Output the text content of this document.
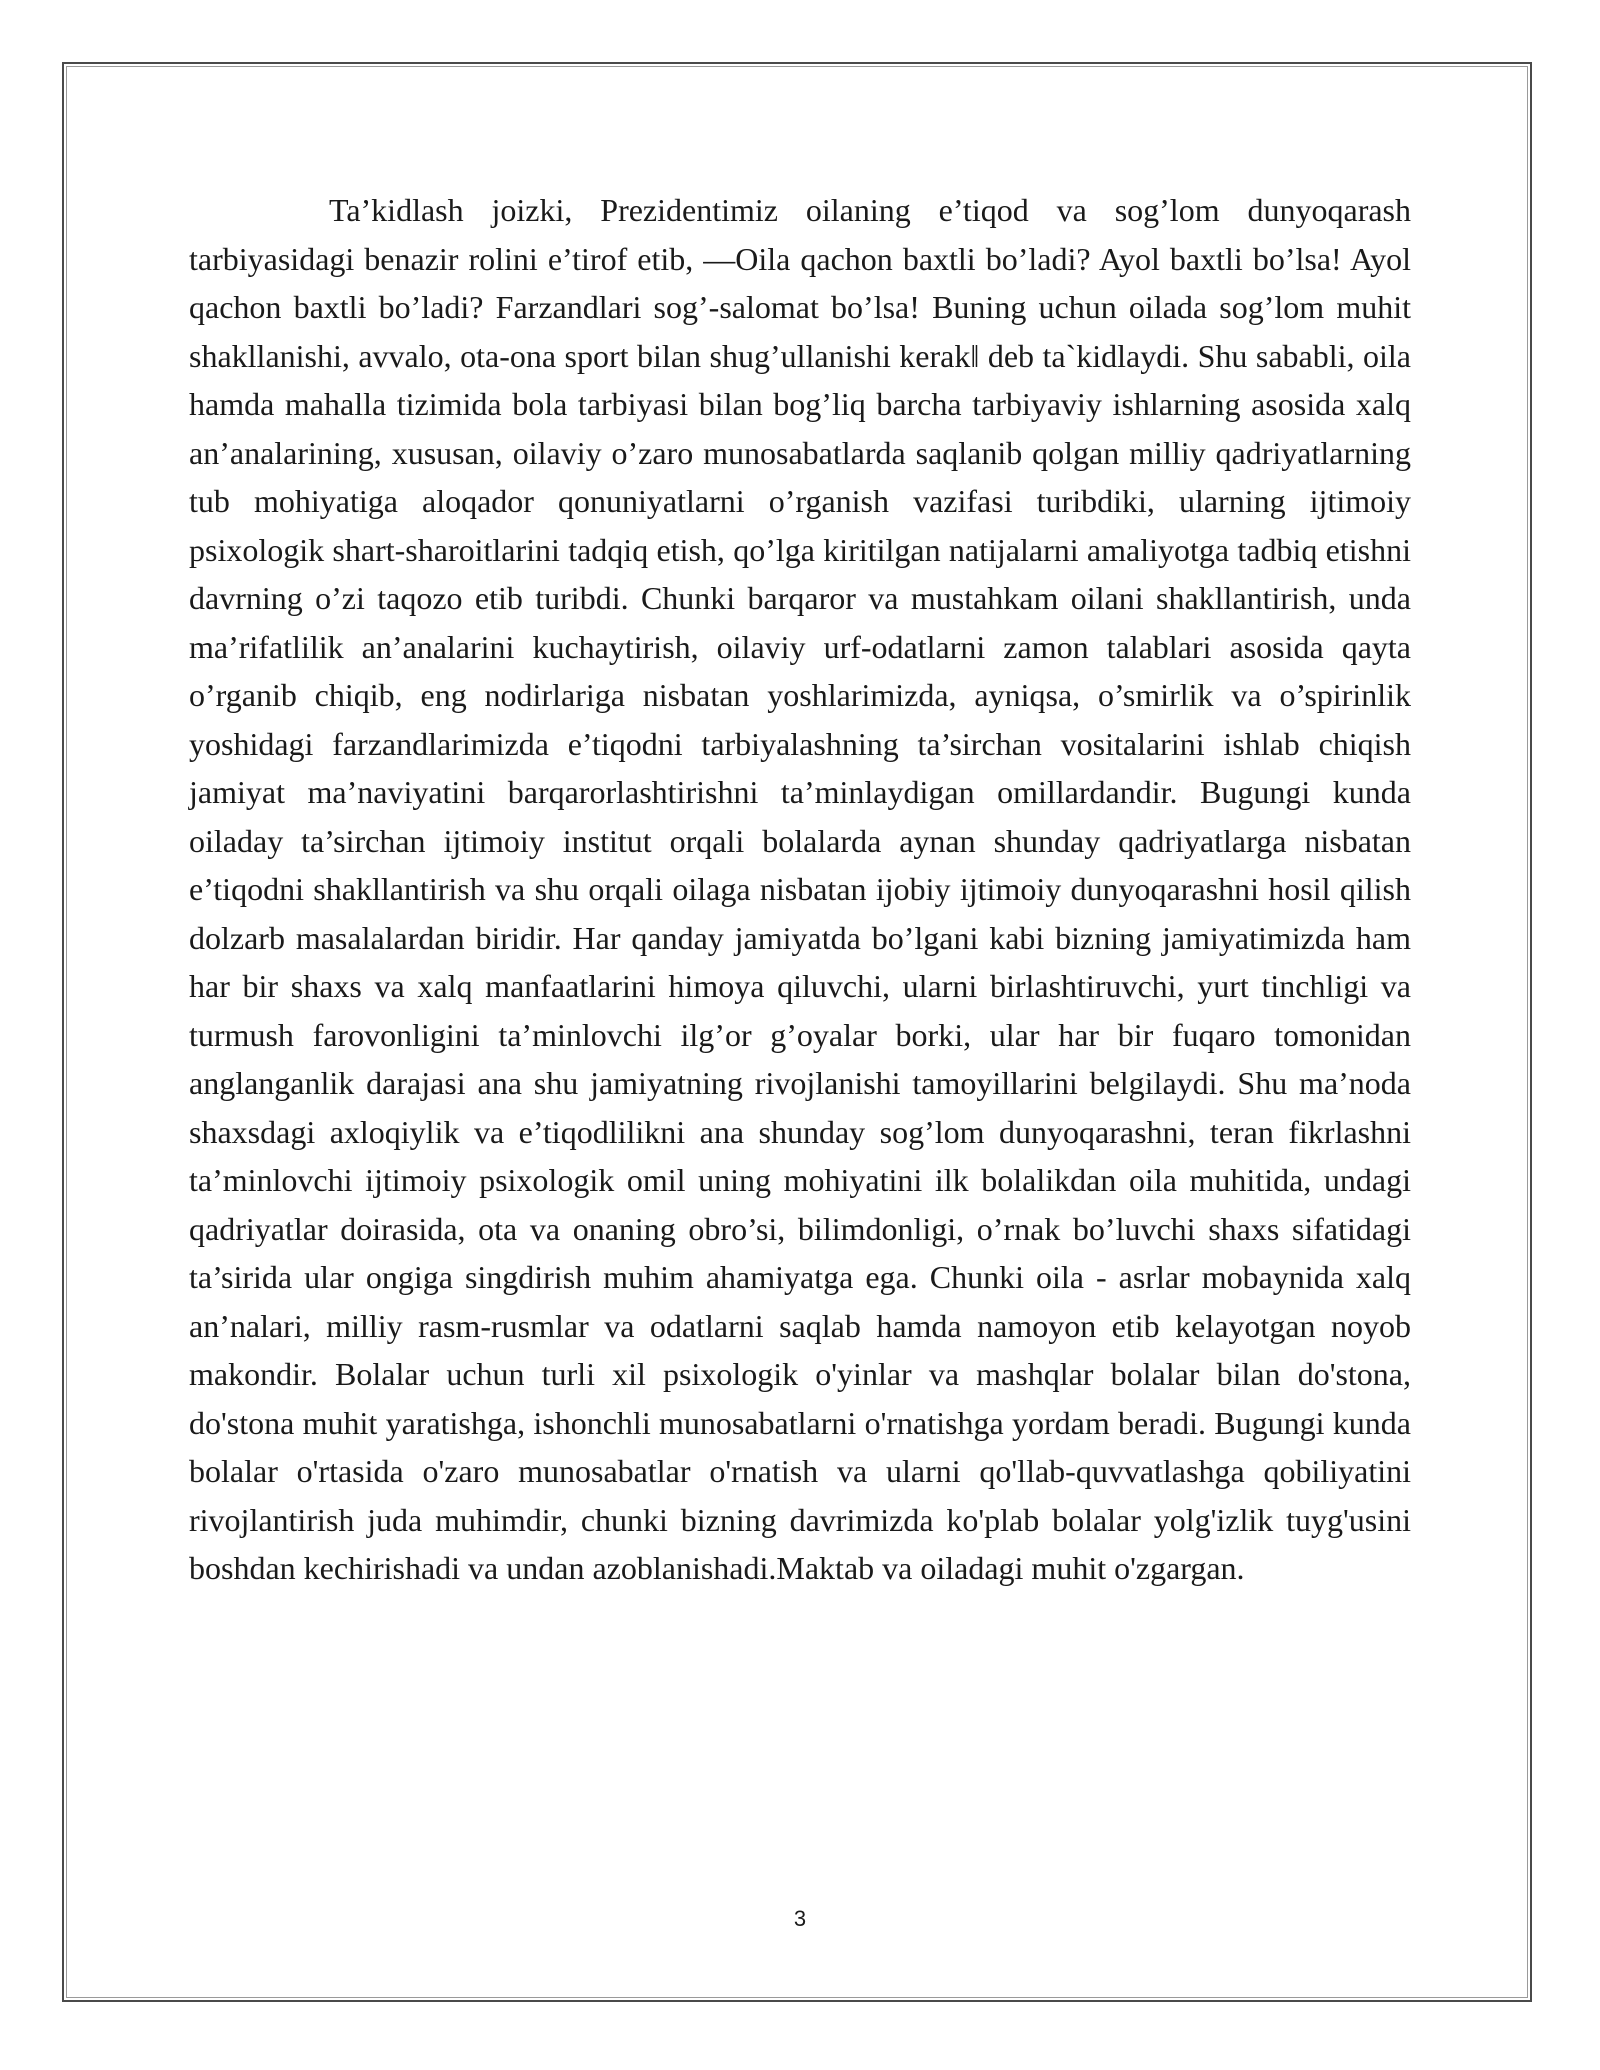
Ta’kidlash joizki, Prezidentimiz oilaning e’tiqod va sog’lom dunyoqarash tarbiyasidagi benazir rolini e’tirof etib, ―Oila qachon baxtli bo’ladi? Ayol baxtli bo’lsa! Ayol qachon baxtli bo’ladi? Farzandlari sog’-salomat bo’lsa! Buning uchun oilada sog’lom muhit shakllanishi, avvalo, ota-ona sport bilan shug’ullanishi kerak‖ deb ta`kidlaydi. Shu sababli, oila hamda mahalla tizimida bola tarbiyasi bilan bog’liq barcha tarbiyaviy ishlarning asosida xalq an’analarining, xususan, oilaviy o’zaro munosabatlarda saqlanib qolgan milliy qadriyatlarning tub mohiyatiga aloqador qonuniyatlarni o’rganish vazifasi turibdiki, ularning ijtimoiy psixologik shart-sharoitlarini tadqiq etish, qo’lga kiritilgan natijalarni amaliyotga tadbiq etishni davrning o’zi taqozo etib turibdi. Chunki barqaror va mustahkam oilani shakllantirish, unda ma’rifatlilik an’analarini kuchaytirish, oilaviy urf-odatlarni zamon talablari asosida qayta o’rganib chiqib, eng nodirlariga nisbatan yoshlarimizda, ayniqsa, o’smirlik va o’spirinlik yoshidagi farzandlarimizda e’tiqodni tarbiyalashning ta’sirchan vositalarini ishlab chiqish jamiyat ma’naviyatini barqarorlashtirishni ta’minlaydigan omillardandir. Bugungi kunda oiladay ta’sirchan ijtimoiy institut orqali bolalarda aynan shunday qadriyatlarga nisbatan e’tiqodni shakllantirish va shu orqali oilaga nisbatan ijobiy ijtimoiy dunyoqarashni hosil qilish dolzarb masalalardan biridir. Har qanday jamiyatda bo’lgani kabi bizning jamiyatimizda ham har bir shaxs va xalq manfaatlarini himoya qiluvchi, ularni birlashtiruvchi, yurt tinchligi va turmush farovonligini ta’minlovchi ilg’or g’oyalar borki, ular har bir fuqaro tomonidan anglanganlik darajasi ana shu jamiyatning rivojlanishi tamoyillarini belgilaydi. Shu ma’noda shaxsdagi axloqiylik va e’tiqodlilikni ana shunday sog’lom dunyoqarashni, teran fikrlashni ta’minlovchi ijtimoiy psixologik omil uning mohiyatini ilk bolalikdan oila muhitida, undagi qadriyatlar doirasida, ota va onaning obro’si, bilimdonligi, o’rnak bo’luvchi shaxs sifatidagi ta’sirida ular ongiga singdirish muhim ahamiyatga ega. Chunki oila - asrlar mobaynida xalq an’nalari, milliy rasm-rusmlar va odatlarni saqlab hamda namoyon etib kelayotgan noyob makondir. Bolalar uchun turli xil psixologik o'yinlar va mashqlar bolalar bilan do'stona, do'stona muhit yaratishga, ishonchli munosabatlarni o'rnatishga yordam beradi. Bugungi kunda bolalar o'rtasida o'zaro munosabatlar o'rnatish va ularni qo'llab-quvvatlashga qobiliyatini rivojlantirish juda muhimdir, chunki bizning davrimizda ko'plab bolalar yolg'izlik tuyg'usini boshdan kechirishadi va undan azoblanishadi.Maktab va oiladagi muhit o'zgargan.

3
